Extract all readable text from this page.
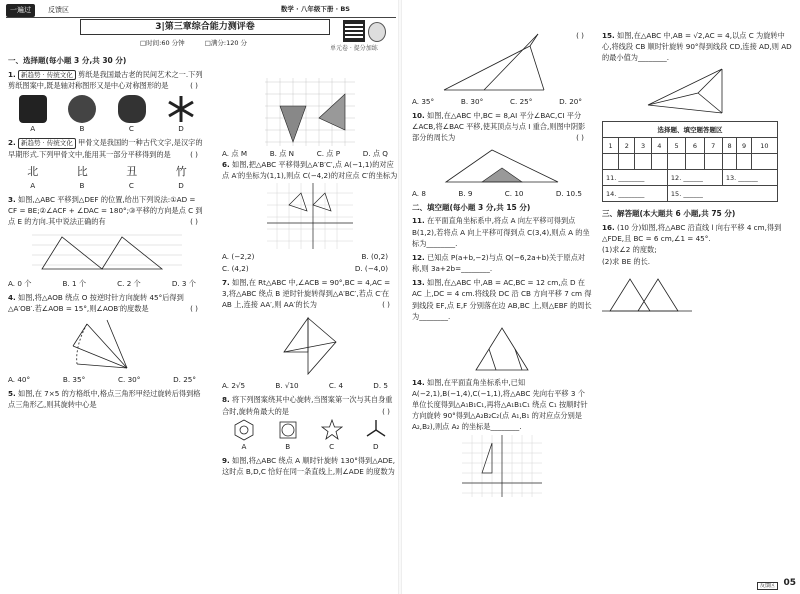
一遍过	反馈区	数学 · 八年级下册 · BS
3|第三章综合能力测评卷
□时间:60 分钟	□满分:120 分
单元卷 · 提分加练
一、选择题(每小题 3 分,共 30 分)
1. 新趋势 · 传统文化 剪纸是我国最古老的民间艺术之一.下列剪纸图案中,既是轴对称图形又是中心对称图形的是	( )
A	B	C	D
2. 新趋势 · 传统文化 甲骨文是我国的一种古代文字,是汉字的早期形式.下列甲骨文中,能用其一部分平移得到的是	( )
北	比	丑	竹
A	B	C	D
3. 如图,△ABC 平移到△DEF 的位置,给出下列说法:①AD = CF = BE;②∠ACF + ∠DAC = 180°;③平移的方向是点 C 到点 E 的方向.其中说法正确的有	( )
A. 0 个	B. 1 个	C. 2 个	D. 3 个
4. 如图,将△AOB 绕点 O 按逆时针方向旋转 45°后得到△A′OB′.若∠AOB = 15°,则∠AOB′的度数是	( )
A. 40°	B. 35°	C. 30°	D. 25°
5. 如图,在 7×5 的方格纸中,格点三角形甲经过旋转后得到格点三角形乙,则其旋转中心是
A. 点 M	B. 点 N	C. 点 P	D. 点 Q
6. 如图,把△ABC 平移得到△A′B′C′,点 A(−1,1)的对应点 A′的坐标为(1,1),则点 C(−4,2)的对应点 C′的坐标为
A. (−2,2)	B. (0,2)
C. (4,2)	D. (−4,0)
7. 如图,在 Rt△ABC 中,∠ACB = 90°,BC = 4,AC = 3,将△ABC 绕点 B 逆时针旋转得到△A′BC′,若点 C′在 AB 上,连接 AA′,则 AA′的长为	( )
A. 2√5	B. √10	C. 4	D. 5
8. 将下列图案绕其中心旋转,当图案第一次与其自身重合时,旋转角最大的是	( )
A	B	C	D
9. 如图,将△ABC 绕点 A 顺时针旋转 130°得到△ADE,这时点 B,D,C 恰好在同一条直线上,则∠ADE 的度数为
( )
A. 35°	B. 30°	C. 25°	D. 20°
10. 如图,在△ABC 中,BC = 8,AI 平分∠BAC,CI 平分∠ACB,将∠BAC 平移,使其顶点与点 I 重合,则图中阴影部分的周长为	( )
A. 8	B. 9	C. 10	D. 10.5
二、填空题(每小题 3 分,共 15 分)
11. 在平面直角坐标系中,将点 A 向左平移可得到点 B(1,2),若将点 A 向上平移可得到点 C(3,4),则点 A 的坐标为________.
12. 已知点 P(a+b,−2)与点 Q(−6,2a+b)关于原点对称,则 3a+2b=________.
13. 如图,在△ABC 中,AB = AC,BC = 12 cm,点 D 在 AC 上,DC = 4 cm.将线段 DC 沿 CB 方向平移 7 cm 得到线段 EF,点 E,F 分别落在边 AB,BC 上,则△EBF 的周长为________.
14. 如图,在平面直角坐标系中,已知 A(−2,1),B(−1,4),C(−1,1),将△ABC 先向右平移 3 个单位长度得到△A₁B₁C₁,再将△A₁B₁C₁ 绕点 C₁ 按顺时针方向旋转 90°得到△A₂B₂C₂(点 A₁,B₁ 的对应点分别是 A₂,B₂),则点 A₂ 的坐标是________.
15. 如图,在△ABC 中,AB = √2,AC = 4,以点 C 为旋转中心,将线段 CB 顺时针旋转 90°得到线段 CD,连接 AD,则 AD 的最小值为________.
选择题、填空题答题区									
1	2	3	4	5	6	7	8	9	10

11. ________				12. ______			13. ______		
14. ________				15. ______					
三、解答题(本大题共 6 小题,共 75 分)
16. (10 分)如图,将△ABC 沿直线 l 向右平移 4 cm,得到△FDE,且 BC = 6 cm,∠1 = 45°.
(1)求∠2 的度数;
(2)求 BE 的长.
反馈区 05
